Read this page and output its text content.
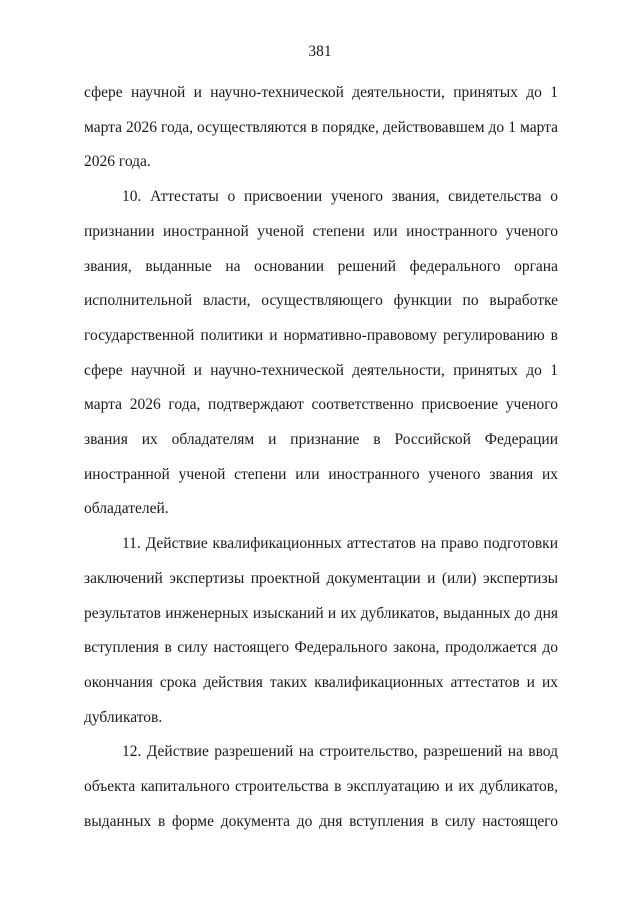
381

сфере научной и научно-технической деятельности, принятых до 1 марта 2026 года, осуществляются в порядке, действовавшем до 1 марта 2026 года.

10. Аттестаты о присвоении ученого звания, свидетельства о признании иностранной ученой степени или иностранного ученого звания, выданные на основании решений федерального органа исполнительной власти, осуществляющего функции по выработке государственной политики и нормативно-правовому регулированию в сфере научной и научно-технической деятельности, принятых до 1 марта 2026 года, подтверждают соответственно присвоение ученого звания их обладателям и признание в Российской Федерации иностранной ученой степени или иностранного ученого звания их обладателей.

11. Действие квалификационных аттестатов на право подготовки заключений экспертизы проектной документации и (или) экспертизы результатов инженерных изысканий и их дубликатов, выданных до дня вступления в силу настоящего Федерального закона, продолжается до окончания срока действия таких квалификационных аттестатов и их дубликатов.

12. Действие разрешений на строительство, разрешений на ввод объекта капитального строительства в эксплуатацию и их дубликатов, выданных в форме документа до дня вступления в силу настоящего
